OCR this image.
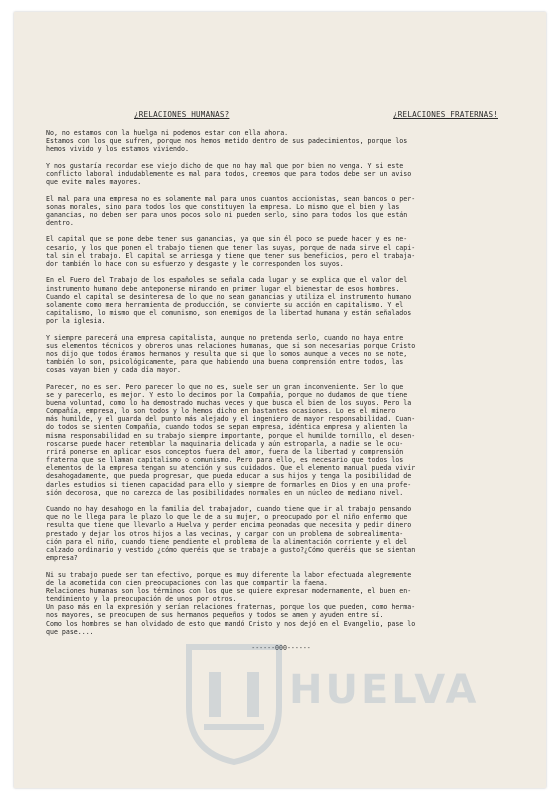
¿RELACIONES HUMANAS?	¿RELACIONES FRATERNAS!
No, no estamos con la huelga ni podemos estar con ella ahora.
Estamos con los que sufren, porque nos hemos metido dentro de sus padecimientos, porque los
hemos vivido y los estamos viviendo.
Y nos gustaría recordar ese viejo dicho de que no hay mal que por bien no venga. Y si este
conflicto laboral indudablemente es mal para todos, creemos que para todos debe ser un aviso
que evite males mayores.
El mal para una empresa no es solamente mal para unos cuantos accionistas, sean bancos o per-
sonas morales, sino para todos los que constituyen la empresa. Lo mismo que el bien y las
ganancias, no deben ser para unos pocos solo ni pueden serlo, sino para todos los que están
dentro.
El capital que se pone debe tener sus ganancias, ya que sin él poco se puede hacer y es ne-
cesario, y los que ponen el trabajo tienen que tener las suyas, porque de nada sirve el capi-
tal sin el trabajo. El capital se arriesga y tiene que tener sus beneficios, pero el trabaja-
dor también lo hace con su esfuerzo y desgaste y le corresponden los suyos.
En el Fuero del Trabajo de los españoles se señala cada lugar y se explica que el valor del
instrumento humano debe anteponerse mirando en primer lugar el bienestar de esos hombres.
Cuando el capital se desinteresa de lo que no sean ganancias y utiliza el instrumento humano
solamente como mera herramienta de producción, se convierte su acción en capitalismo. Y el
capitalismo, lo mismo que el comunismo, son enemigos de la libertad humana y están señalados
por la iglesia.
Y siempre parecerá una empresa capitalista, aunque no pretenda serlo, cuando no haya entre
sus elementos técnicos y obreros unas relaciones humanas, que si son necesarias porque Cristo
nos dijo que todos éramos hermanos y resulta que si que lo somos aunque a veces no se note,
también lo son, psicológicamente, para que habiendo una buena comprensión entre todos, las
cosas vayan bien y cada día mayor.
Parecer, no es ser. Pero parecer lo que no es, suele ser un gran inconveniente. Ser lo que
se y parecerlo, es mejor. Y esto lo decimos por la Compañía, porque no dudamos de que tiene
buena voluntad, como lo ha demostrado muchas veces y que busca el bien de los suyos. Pero la
Compañía, empresa, lo son todos y lo hemos dicho en bastantes ocasiones. Lo es el minero
más humilde, y el guarda del punto más alejado y el ingeniero de mayor responsabilidad. Cuan-
do todos se sienten Compañía, cuando todos se sepan empresa, idéntica empresa y alienten la
misma responsabilidad en su trabajo siempre importante, porque el humilde tornillo, el desen-
roscarse puede hacer retemblar la maquinaria delicada y aún estroparla, a nadie se le ocu-
rrirá ponerse en aplicar esos conceptos fuera del amor, fuera de la libertad y comprensión
fraterna que se llaman capitalismo o comunismo. Pero para ello, es necesario que todos los
elementos de la empresa tengan su atención y sus cuidados. Que el elemento manual pueda vivir
desahogadamente, que pueda progresar, que pueda educar a sus hijos y tenga la posibilidad de
darles estudios si tienen capacidad para ello y siempre de formarles en Dios y en una profe-
sión decorosa, que no carezca de las posibilidades normales en un núcleo de mediano nivel.
Cuando no hay desahogo en la familia del trabajador, cuando tiene que ir al trabajo pensando
que no le llega para le plazo lo que le de a su mujer, o preocupado por el niño enfermo que
resulta que tiene que llevarlo a Huelva y perder encima peonadas que necesita y pedir dinero
prestado y dejar los otros hijos a las vecinas, y cargar con un problema de sobrealimenta-
ción para el niño, cuando tiene pendiente el problema de la alimentación corriente y el del
calzado ordinario y vestido ¿cómo queréis que se trabaje a gusto?¿Cómo queréis que se sientan
empresa?
Ni su trabajo puede ser tan efectivo, porque es muy diferente la labor efectuada alegremente
de la acometida con cien preocupaciones con las que compartir la faena.
Relaciones humanas son los términos con los que se quiere expresar modernamente, el buen en-
tendimiento y la preocupación de unos por otros.
Un paso más en la expresión y serían relaciones fraternas, porque los que pueden, como herma-
nos mayores, se preocupen de sus hermanos pequeños y todos se amen y ayuden entre sí.
Como los hombres se han olvidado de esto que mandó Cristo y nos dejó en el Evangelio, pase lo
que pase....
------000------
HUELVA
